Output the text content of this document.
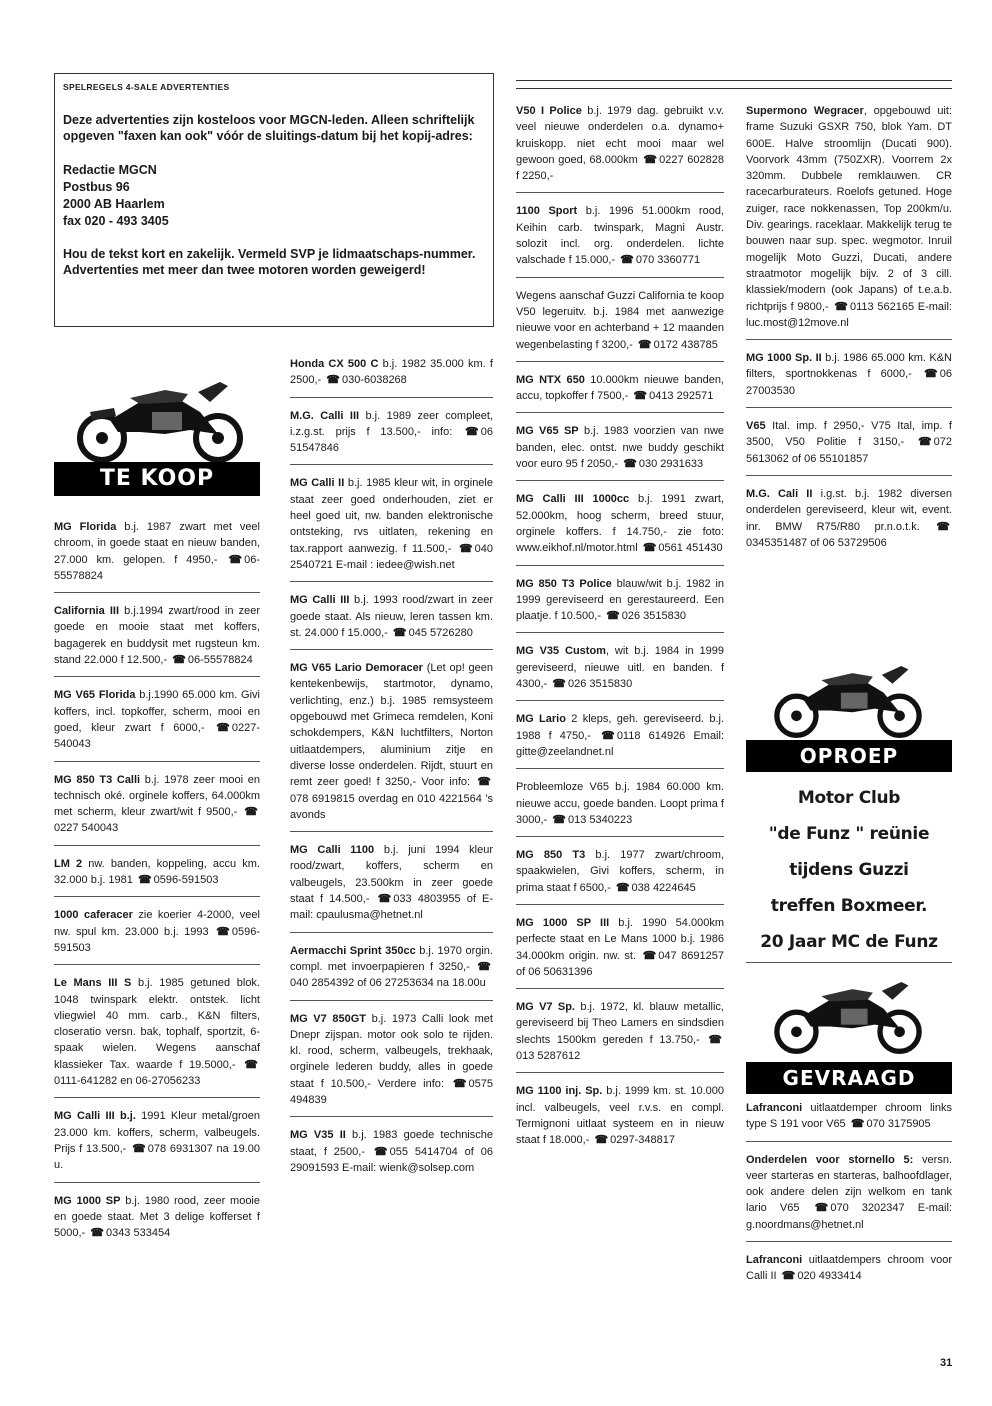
SPELREGELS 4-SALE ADVERTENTIES
Deze advertenties zijn kosteloos voor MGCN-leden. Alleen schriftelijk opgeven "faxen kan ook" vóór de sluitings-datum bij het kopij-adres:
Redactie MGCN
Postbus 96
2000 AB Haarlem
fax 020 - 493 3405
Hou de tekst kort en zakelijk. Vermeld SVP je lidmaatschaps-nummer. Advertenties met meer dan twee motoren worden geweigerd!
TE KOOP
MG Florida b.j. 1987 zwart met veel chroom, in goede staat en nieuw banden, 27.000 km. gelopen. f 4950,- ☎ 06-55578824
California III b.j.1994 zwart/rood in zeer goede en mooie staat met koffers, bagagerek en buddysit met rugsteun km. stand 22.000 f 12.500,- ☎ 06-55578824
MG V65 Florida b.j.1990 65.000 km. Givi koffers, incl. topkoffer, scherm, mooi en goed, kleur zwart f 6000,- ☎ 0227-540043
MG 850 T3 Calli b.j. 1978 zeer mooi en technisch oké. orginele koffers, 64.000km met scherm, kleur zwart/wit f 9500,- ☎0227 540043
LM 2 nw. banden, koppeling, accu km. 32.000 b.j. 1981 ☎ 0596-591503
1000 caferacer zie koerier 4-2000, veel nw. spul km. 23.000 b.j. 1993 ☎ 0596-591503
Le Mans III S b.j. 1985 getuned blok. 1048 twinspark elektr. ontstek. licht vliegwiel 40 mm. carb., K&N filters, closeratio versn. bak, tophalf, sportzit, 6-spaak wielen. Wegens aanschaf klassieker Tax. waarde f 19.5000,- ☎0111-641282 en 06-27056233
MG Calli III b.j. 1991 Kleur metal/groen 23.000 km. koffers, scherm, valbeugels. Prijs f 13.500,- ☎ 078 6931307 na 19.00 u.
MG 1000 SP b.j. 1980 rood, zeer mooie en goede staat. Met 3 delige kofferset f 5000,- ☎ 0343 533454
Honda CX 500 C b.j. 1982 35.000 km. f 2500,- ☎ 030-6038268
M.G. Calli III b.j. 1989 zeer compleet, i.z.g.st. prijs f 13.500,- info: ☎ 06 51547846
MG Calli II b.j. 1985 kleur wit, in orginele staat zeer goed onderhouden, ziet er heel goed uit, nw. banden elektronische ontsteking, rvs uitlaten, rekening en tax.rapport aanwezig. f 11.500,- ☎ 040 2540721 E-mail : iedee@wish.net
MG Calli III b.j. 1993 rood/zwart in zeer goede staat. Als nieuw, leren tassen km. st. 24.000 f 15.000,- ☎ 045 5726280
MG V65 Lario Demoracer (Let op! geen kentekenbewijs, startmotor, dynamo, verlichting, enz.) b.j. 1985 remsysteem opgebouwd met Grimeca remdelen, Koni schokdempers, K&N luchtfilters, Norton uitlaatdempers, aluminium zitje en diverse losse onderdelen. Rijdt, stuurt en remt zeer goed! f 3250,- Voor info: ☎078 6919815 overdag en 010 4221564 's avonds
MG Calli 1100 b.j. juni 1994 kleur rood/zwart, koffers, scherm en valbeugels, 23.500km in zeer goede staat f 14.500,- ☎ 033 4803955 of E-mail: cpaulusma@hetnet.nl
Aermacchi Sprint 350cc b.j. 1970 orgin. compl. met invoerpapieren f 3250,- ☎040 2854392 of 06 27253634 na 18.00u
MG V7 850GT b.j. 1973 Calli look met Dnepr zijspan. motor ook solo te rijden. kl. rood, scherm, valbeugels, trekhaak, orginele lederen buddy, alles in goede staat f 10.500,- Verdere info: ☎ 0575 494839
MG V35 II b.j. 1983 goede technische staat, f 2500,- ☎ 055 5414704 of 06 29091593 E-mail: wienk@solsep.com
V50 I Police b.j. 1979 dag. gebruikt v.v. veel nieuwe onderdelen o.a. dynamo+ kruiskopp. niet echt mooi maar wel gewoon goed, 68.000km ☎ 0227 602828 f 2250,-
1100 Sport b.j. 1996 51.000km rood, Keihin carb. twinspark, Magni Austr. solozit incl. org. onderdelen. lichte valschade f 15.000,- ☎ 070 3360771
Wegens aanschaf Guzzi California te koop V50 legeruitv. b.j. 1984 met aanwezige nieuwe voor en achterband + 12 maanden wegenbelasting f 3200,- ☎ 0172 438785
MG NTX 650 10.000km nieuwe banden, accu, topkoffer f 7500,- ☎ 0413 292571
MG V65 SP b.j. 1983 voorzien van nwe banden, elec. ontst. nwe buddy geschikt voor euro 95 f 2050,- ☎ 030 2931633
MG Calli III 1000cc b.j. 1991 zwart, 52.000km, hoog scherm, breed stuur, orginele koffers. f 14.750,- zie foto: www.eikhof.nl/motor.html ☎ 0561 451430
MG 850 T3 Police blauw/wit b.j. 1982 in 1999 gereviseerd en gerestaureerd. Een plaatje. f 10.500,- ☎ 026 3515830
MG V35 Custom, wit b.j. 1984 in 1999 gereviseerd, nieuwe uitl. en banden. f 4300,- ☎ 026 3515830
MG Lario 2 kleps, geh. gereviseerd. b.j. 1988 f 4750,- ☎ 0118 614926 Email: gitte@zeelandnet.nl
Probleemloze V65 b.j. 1984 60.000 km. nieuwe accu, goede banden. Loopt prima f 3000,- ☎ 013 5340223
MG 850 T3 b.j. 1977 zwart/chroom, spaakwielen, Givi koffers, scherm, in prima staat f 6500,- ☎ 038 4224645
MG 1000 SP III b.j. 1990 54.000km perfecte staat en Le Mans 1000 b.j. 1986 34.000km origin. nw. st. ☎ 047 8691257 of 06 50631396
MG V7 Sp. b.j. 1972, kl. blauw metallic, gereviseerd bij Theo Lamers en sindsdien slechts 1500km gereden f 13.750,- ☎013 5287612
MG 1100 inj. Sp. b.j. 1999 km. st. 10.000 incl. valbeugels, veel r.v.s. en compl. Termignoni uitlaat systeem en in nieuw staat f 18.000,- ☎ 0297-348817
Supermono Wegracer, opgebouwd uit: frame Suzuki GSXR 750, blok Yam. DT 600E. Halve stroomlijn (Ducati 900). Voorvork 43mm (750ZXR). Voorrem 2x 320mm. Dubbele remklauwen. CR racecarburateurs. Roelofs getuned. Hoge zuiger, race nokkenassen, Top 200km/u. Div. gearings. raceklaar. Makkelijk terug te bouwen naar sup. spec. wegmotor. Inruil mogelijk Moto Guzzi, Ducati, andere straatmotor mogelijk bijv. 2 of 3 cill. klassiek/modern (ook Japans) of t.e.a.b. richtprijs f 9800,- ☎ 0113 562165 E-mail: luc.most@12move.nl
MG 1000 Sp. II b.j. 1986 65.000 km. K&N filters, sportnokkenas f 6000,- ☎ 06 27003530
V65 Ital. imp. f 2950,- V75 Ital, imp. f 3500, V50 Politie f 3150,- ☎ 072 5613062 of 06 55101857
M.G. Cali II i.g.st. b.j. 1982 diversen onderdelen gereviseerd, kleur wit, event. inr. BMW R75/R80 pr.n.o.t.k. ☎0345351487 of 06 53729506
OPROEP
Motor Club
"de Funz " reünie
tijdens Guzzi
treffen Boxmeer.
20 Jaar MC de Funz
GEVRAAGD
Lafranconi uitlaatdemper chroom links type S 191 voor V65 ☎ 070 3175905
Onderdelen voor stornello 5: versn. veer starteras en starteras, balhoofdlager, ook andere delen zijn welkom en tank lario V65 ☎ 070 3202347 E-mail: g.noordmans@hetnet.nl
Lafranconi uitlaatdempers chroom voor Calli II ☎ 020 4933414
31
